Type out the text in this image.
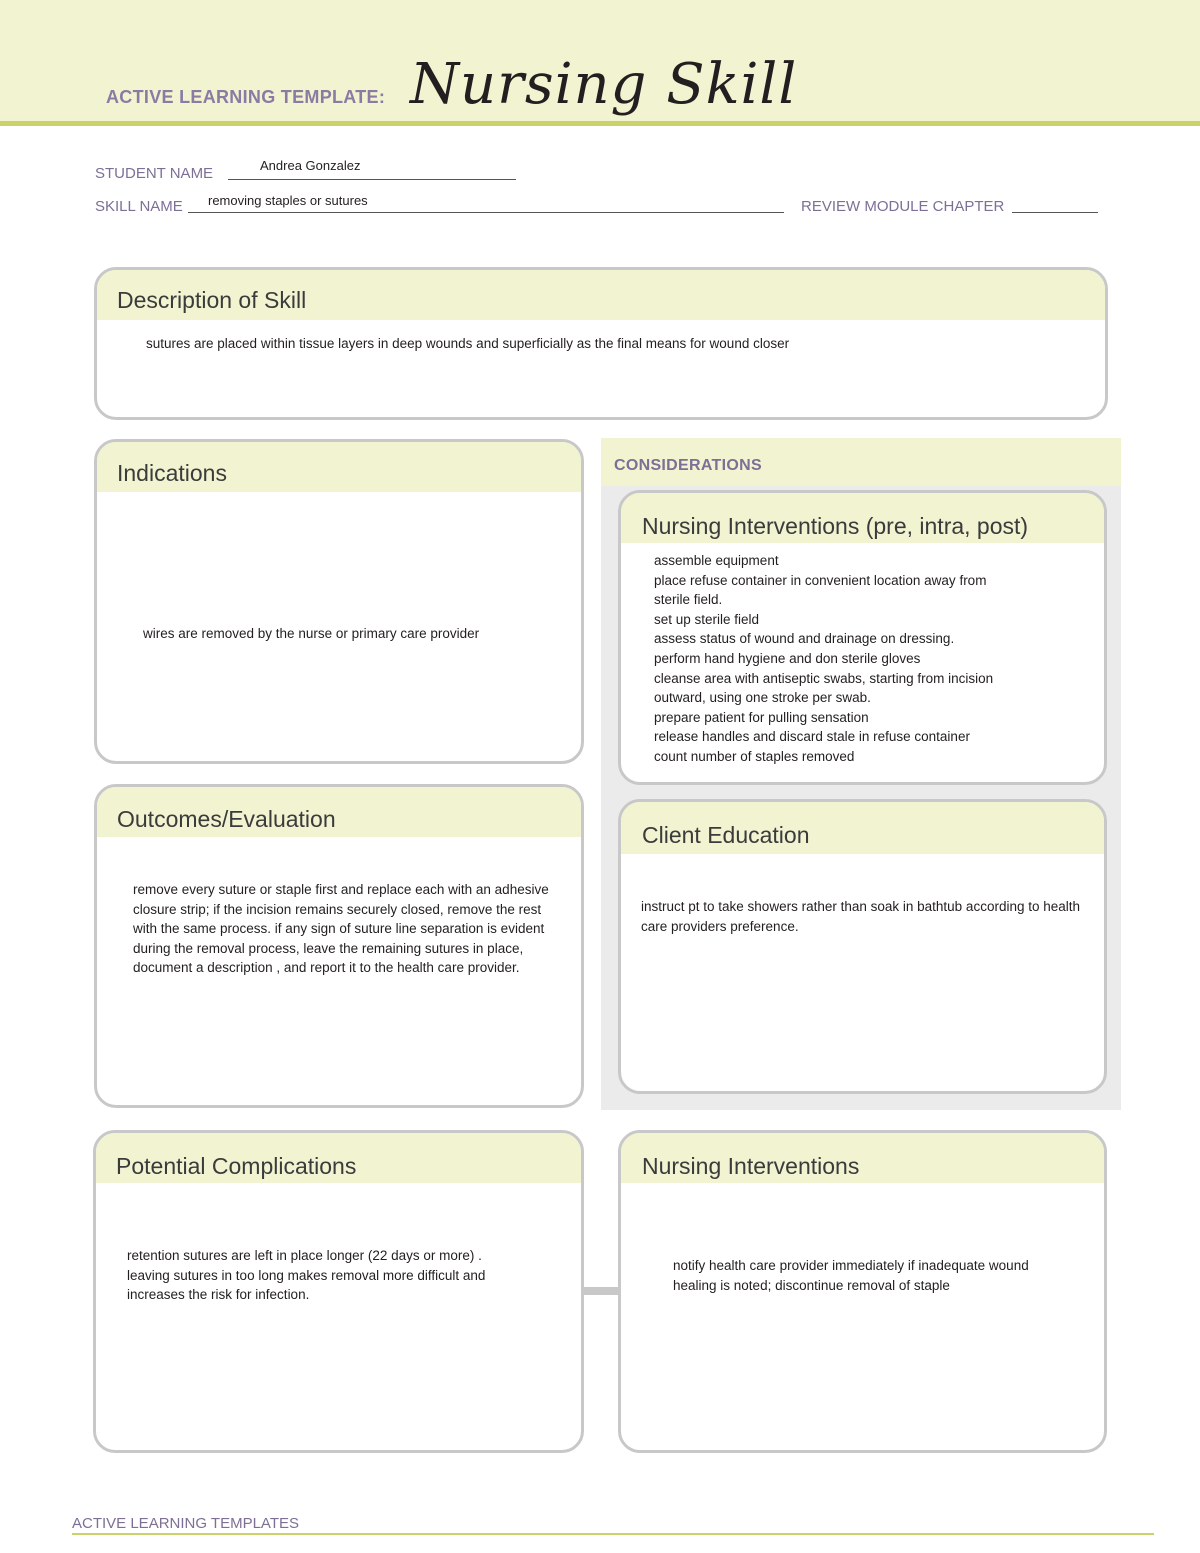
ACTIVE LEARNING TEMPLATE: Nursing Skill
STUDENT NAME	Andrea Gonzalez
SKILL NAME removing staples or sutures	REVIEW MODULE CHAPTER
Description of Skill
sutures are placed within tissue layers in deep wounds and superficially as the final means for wound closer
Indications
wires are removed by the nurse or primary care provider
Outcomes/Evaluation
remove every suture or staple first and replace each with an adhesive closure strip; if the incision remains securely closed, remove the rest with the same process. if any sign of suture line separation is evident during the removal process, leave the remaining sutures in place, document a description , and report it to the health care provider.
CONSIDERATIONS
Nursing Interventions (pre, intra, post)
assemble equipment
place refuse container in convenient location away from
sterile field.
set up sterile field
assess status of wound and drainage on dressing.
perform hand hygiene and don sterile gloves
cleanse area with antiseptic swabs, starting from incision
outward, using one stroke per swab.
prepare patient for pulling sensation
release handles and discard stale in refuse container
count number of staples removed
Client Education
instruct pt to take showers rather than soak in bathtub according to health care providers preference.
Potential Complications
retention sutures are left in place longer (22 days or more) . leaving sutures in too long makes removal more difficult and increases the risk for infection.
Nursing Interventions
notify health care provider immediately if inadequate wound healing is noted; discontinue removal of staple
ACTIVE LEARNING TEMPLATES
